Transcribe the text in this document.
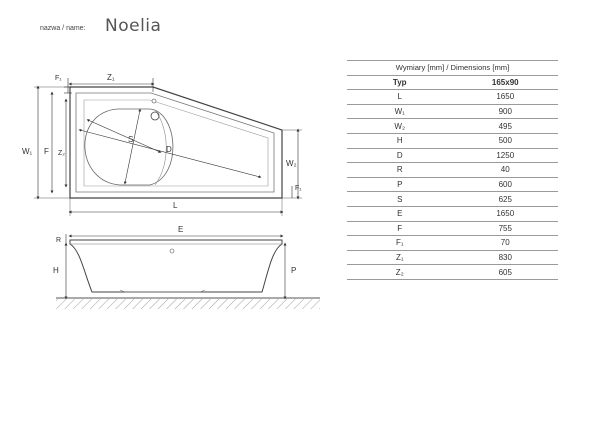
nazwa / name: Noelia
S
D
F₁	Z₁
W₁ F Z₂
W₂
F₁
L
E
R
H	P
Wymiary [mm] / Dimensions [mm]	
Typ	165x90
L	1650
W₁	900
W₂	495
H	500
D	1250
R	40
P	600
S	625
E	1650
F	755
F₁	70
Z₁	830
Z₂	605
